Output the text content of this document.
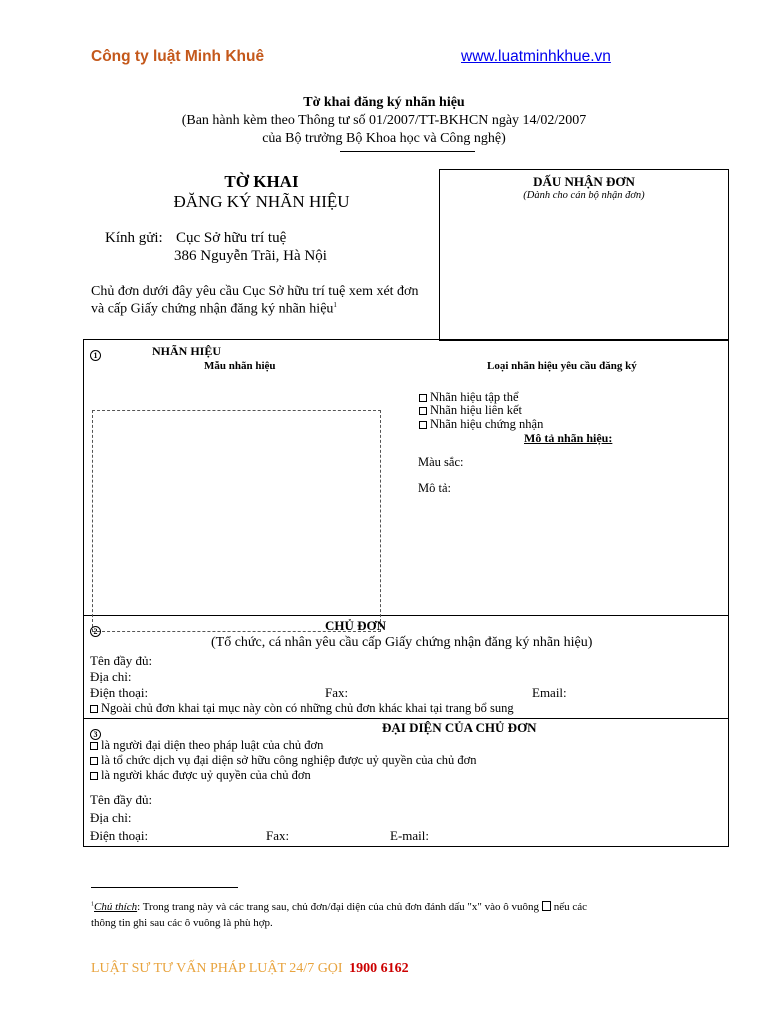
Công ty luật Minh Khuê	www.luatminhkhue.vn
Tờ khai đăng ký nhãn hiệu
(Ban hành kèm theo Thông tư số 01/2007/TT-BKHCN ngày 14/02/2007
của Bộ trưởng Bộ Khoa học và Công nghệ)
TỜ KHAI
ĐĂNG KÝ NHÃN HIỆU
Kính gửi: Cục Sở hữu trí tuệ
386 Nguyễn Trãi, Hà Nội
Chủ đơn dưới đây yêu cầu Cục Sở hữu trí tuệ xem xét đơn
và cấp Giấy chứng nhận đăng ký nhãn hiệu$^1$
DẤU NHẬN ĐƠN
(Dành cho cán bộ nhận đơn)
1	NHÃN HIỆU
Mẫu nhãn hiệu	Loại nhãn hiệu yêu cầu đăng ký
Nhãn hiệu tập thể
Nhãn hiệu liên kết
Nhãn hiệu chứng nhận
Mô tả nhãn hiệu:
Màu sắc:
Mô tả:
2	CHỦ ĐƠN
(Tổ chức, cá nhân yêu cầu cấp Giấy chứng nhận đăng ký nhãn hiệu)
Tên đầy đủ:
Địa chỉ:
Điện thoại:	Fax:	Email:
Ngoài chủ đơn khai tại mục này còn có những chủ đơn khác khai tại trang bổ sung
3	ĐẠI DIỆN CỦA CHỦ ĐƠN
là người đại diện theo pháp luật của chủ đơn
là tổ chức dịch vụ đại diện sở hữu công nghiệp được uỷ quyền của chủ đơn
là người khác được uỷ quyền của chủ đơn
Tên đầy đủ:
Địa chỉ:
Điện thoại:	Fax:	E-mail:
$^1$Chú thích: Trong trang này và các trang sau, chủ đơn/đại diện của chủ đơn đánh dấu "x" vào ô vuông nếu các
thông tin ghi sau các ô vuông là phù hợp.
LUẬT SƯ TƯ VẤN PHÁP LUẬT 24/7 GỌI 1900 6162
